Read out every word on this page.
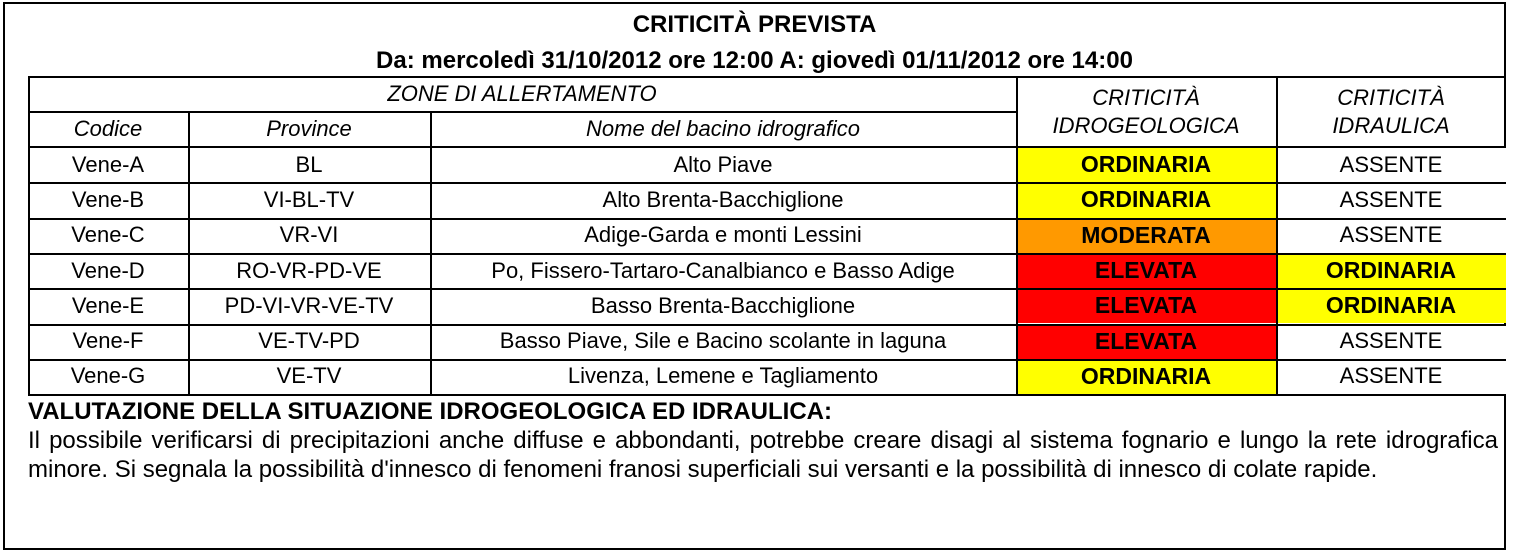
CRITICITÀ PREVISTA
Da: mercoledì 31/10/2012 ore 12:00 A: giovedì 01/11/2012 ore 14:00
ZONE DI ALLERTAMENTO	CRITICITÀ
IDROGEOLOGICA
CRITICITÀ
IDRAULICA
Codice	Province	Nome del bacino idrografico
Vene-A	BL	Alto Piave	ORDINARIA	ASSENTE
Vene-B	VI-BL-TV	Alto Brenta-Bacchiglione	ORDINARIA	ASSENTE
Vene-C	VR-VI	Adige-Garda e monti Lessini	MODERATA	ASSENTE
Vene-D	RO-VR-PD-VE	Po, Fissero-Tartaro-Canalbianco e Basso Adige	ELEVATA	ORDINARIA
Vene-E	PD-VI-VR-VE-TV	Basso Brenta-Bacchiglione	ELEVATA	ORDINARIA
Vene-F	VE-TV-PD	Basso Piave, Sile e Bacino scolante in laguna	ELEVATA	ASSENTE
Vene-G	VE-TV	Livenza, Lemene e Tagliamento	ORDINARIA	ASSENTE
VALUTAZIONE DELLA SITUAZIONE IDROGEOLOGICA ED IDRAULICA:
Il possibile verificarsi di precipitazioni anche diffuse e abbondanti, potrebbe creare disagi al sistema fognario e lungo la rete idrografica minore. Si segnala la possibilità d'innesco di fenomeni franosi superficiali sui versanti e la possibilità di innesco di colate rapide.
